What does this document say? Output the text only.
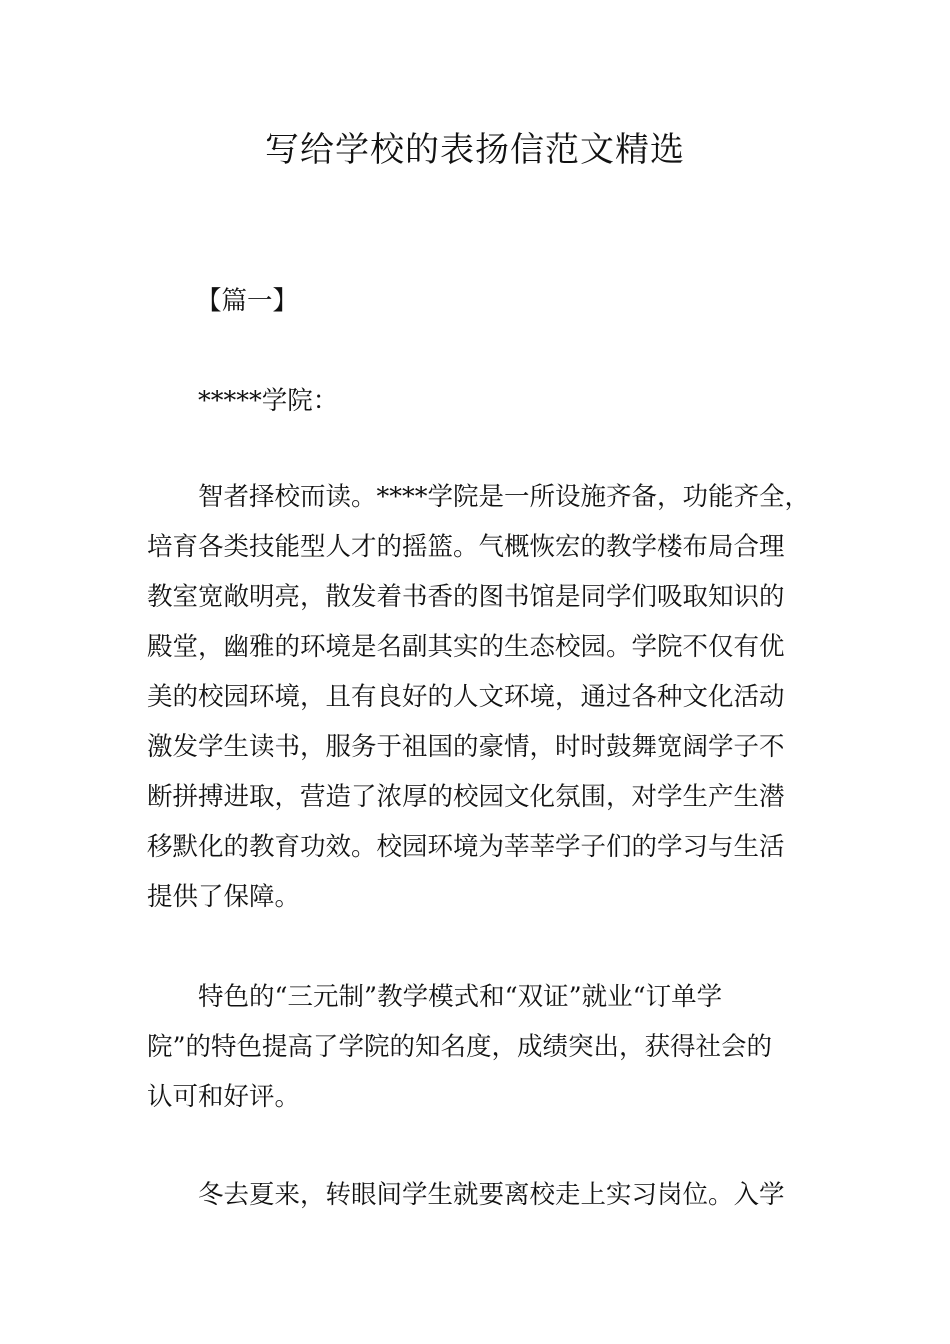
写给学校的表扬信范文精选

【篇一】

*****学院：

智者择校而读。****学院是一所设施齐备，功能齐全，

培育各类技能型人才的摇篮。气概恢宏的教学楼布局合理

教室宽敞明亮，散发着书香的图书馆是同学们吸取知识的

殿堂，幽雅的环境是名副其实的生态校园。学院不仅有优

美的校园环境，且有良好的人文环境，通过各种文化活动

激发学生读书，服务于祖国的豪情，时时鼓舞宽阔学子不

断拼搏进取，营造了浓厚的校园文化氛围，对学生产生潜

移默化的教育功效。校园环境为莘莘学子们的学习与生活

提供了保障。

特色的“三元制”教学模式和“双证”就业“订单学

院”的特色提高了学院的知名度，成绩突出，获得社会的

认可和好评。

冬去夏来，转眼间学生就要离校走上实习岗位。入学
